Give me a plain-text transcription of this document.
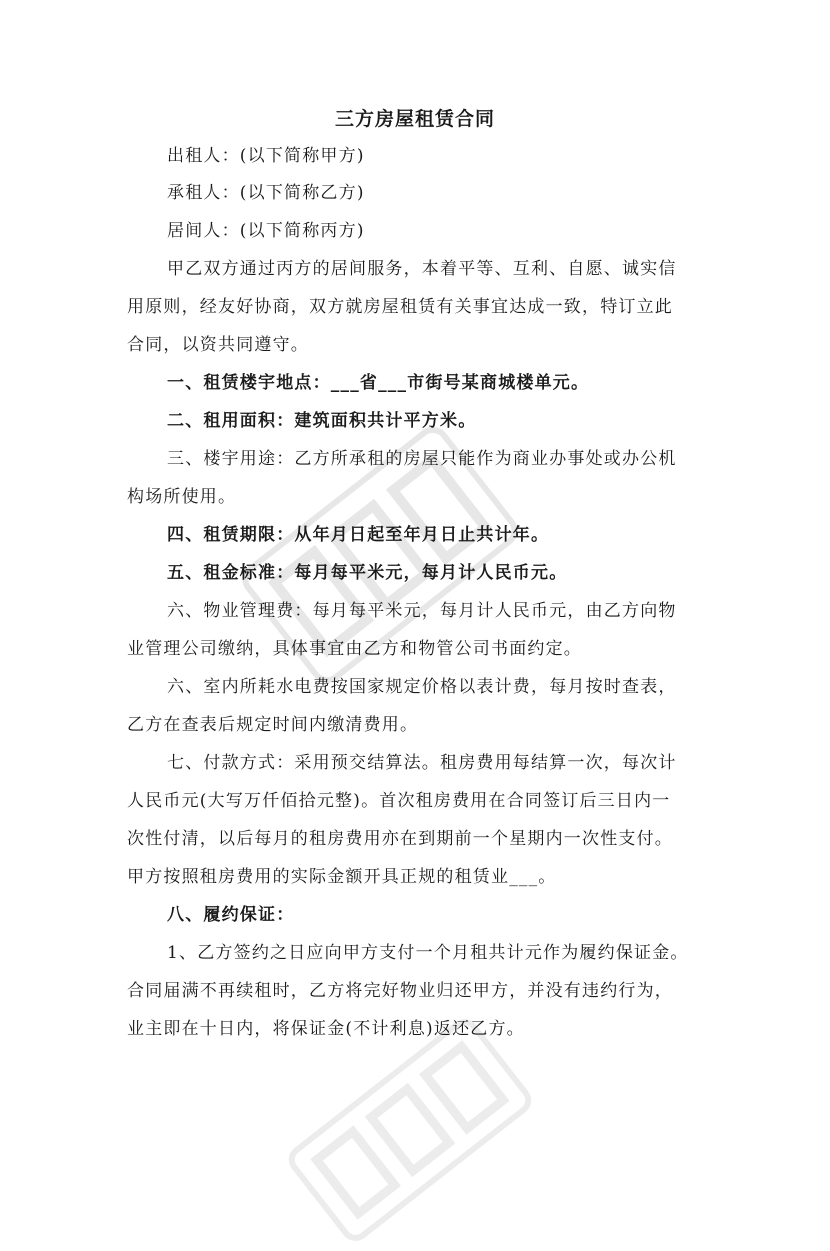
三方房屋租赁合同
出租人：(以下简称甲方)
承租人：(以下简称乙方)
居间人：(以下简称丙方)
甲乙双方通过丙方的居间服务，本着平等、互利、自愿、诚实信
用原则，经友好协商，双方就房屋租赁有关事宜达成一致，特订立此
合同，以资共同遵守。
一、租赁楼宇地点：___省___市街号某商城楼单元。
二、租用面积：建筑面积共计平方米。
三、楼宇用途：乙方所承租的房屋只能作为商业办事处或办公机
构场所使用。
四、租赁期限：从年月日起至年月日止共计年。
五、租金标准：每月每平米元，每月计人民币元。
六、物业管理费：每月每平米元，每月计人民币元，由乙方向物
业管理公司缴纳，具体事宜由乙方和物管公司书面约定。
六、室内所耗水电费按国家规定价格以表计费，每月按时查表，
乙方在查表后规定时间内缴清费用。
七、付款方式：采用预交结算法。租房费用每结算一次，每次计
人民币元(大写万仟佰拾元整)。首次租房费用在合同签订后三日内一
次性付清，以后每月的租房费用亦在到期前一个星期内一次性支付。
甲方按照租房费用的实际金额开具正规的租赁业___。
八、履约保证：
1、乙方签约之日应向甲方支付一个月租共计元作为履约保证金。
合同届满不再续租时，乙方将完好物业归还甲方，并没有违约行为，
业主即在十日内，将保证金(不计利息)返还乙方。
